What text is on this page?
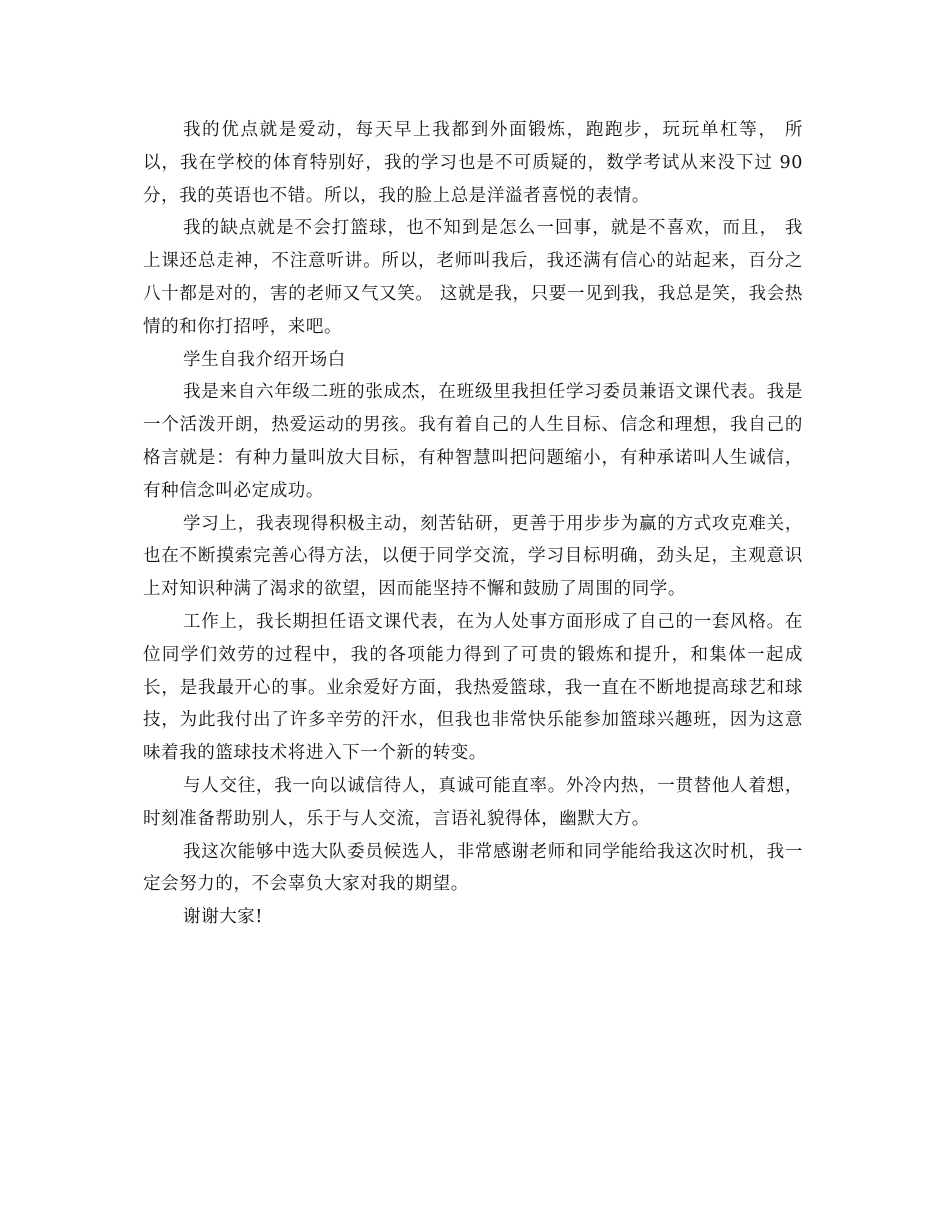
我的优点就是爱动，每天早上我都到外面锻炼，跑跑步，玩玩单杠等， 所以，我在学校的体育特别好，我的学习也是不可质疑的，数学考试从来没下过 90 分，我的英语也不错。所以，我的脸上总是洋溢者喜悦的表情。

我的缺点就是不会打篮球，也不知到是怎么一回事，就是不喜欢，而且， 我上课还总走神，不注意听讲。所以，老师叫我后，我还满有信心的站起来，百分之八十都是对的，害的老师又气又笑。 这就是我，只要一见到我，我总是笑，我会热情的和你打招呼，来吧。

学生自我介绍开场白

我是来自六年级二班的张成杰，在班级里我担任学习委员兼语文课代表。我是一个活泼开朗，热爱运动的男孩。我有着自己的人生目标、信念和理想，我自己的格言就是：有种力量叫放大目标，有种智慧叫把问题缩小，有种承诺叫人生诚信，有种信念叫必定成功。

学习上，我表现得积极主动，刻苦钻研，更善于用步步为赢的方式攻克难关，也在不断摸索完善心得方法，以便于同学交流，学习目标明确，劲头足，主观意识上对知识种满了渴求的欲望，因而能坚持不懈和鼓励了周围的同学。

工作上，我长期担任语文课代表，在为人处事方面形成了自己的一套风格。在位同学们效劳的过程中，我的各项能力得到了可贵的锻炼和提升，和集体一起成长，是我最开心的事。业余爱好方面，我热爱篮球，我一直在不断地提高球艺和球技，为此我付出了许多辛劳的汗水，但我也非常快乐能参加篮球兴趣班，因为这意味着我的篮球技术将进入下一个新的转变。

与人交往，我一向以诚信待人，真诚可能直率。外冷内热，一贯替他人着想，时刻准备帮助别人，乐于与人交流，言语礼貌得体，幽默大方。

我这次能够中选大队委员候选人，非常感谢老师和同学能给我这次时机，我一定会努力的，不会辜负大家对我的期望。

谢谢大家!
